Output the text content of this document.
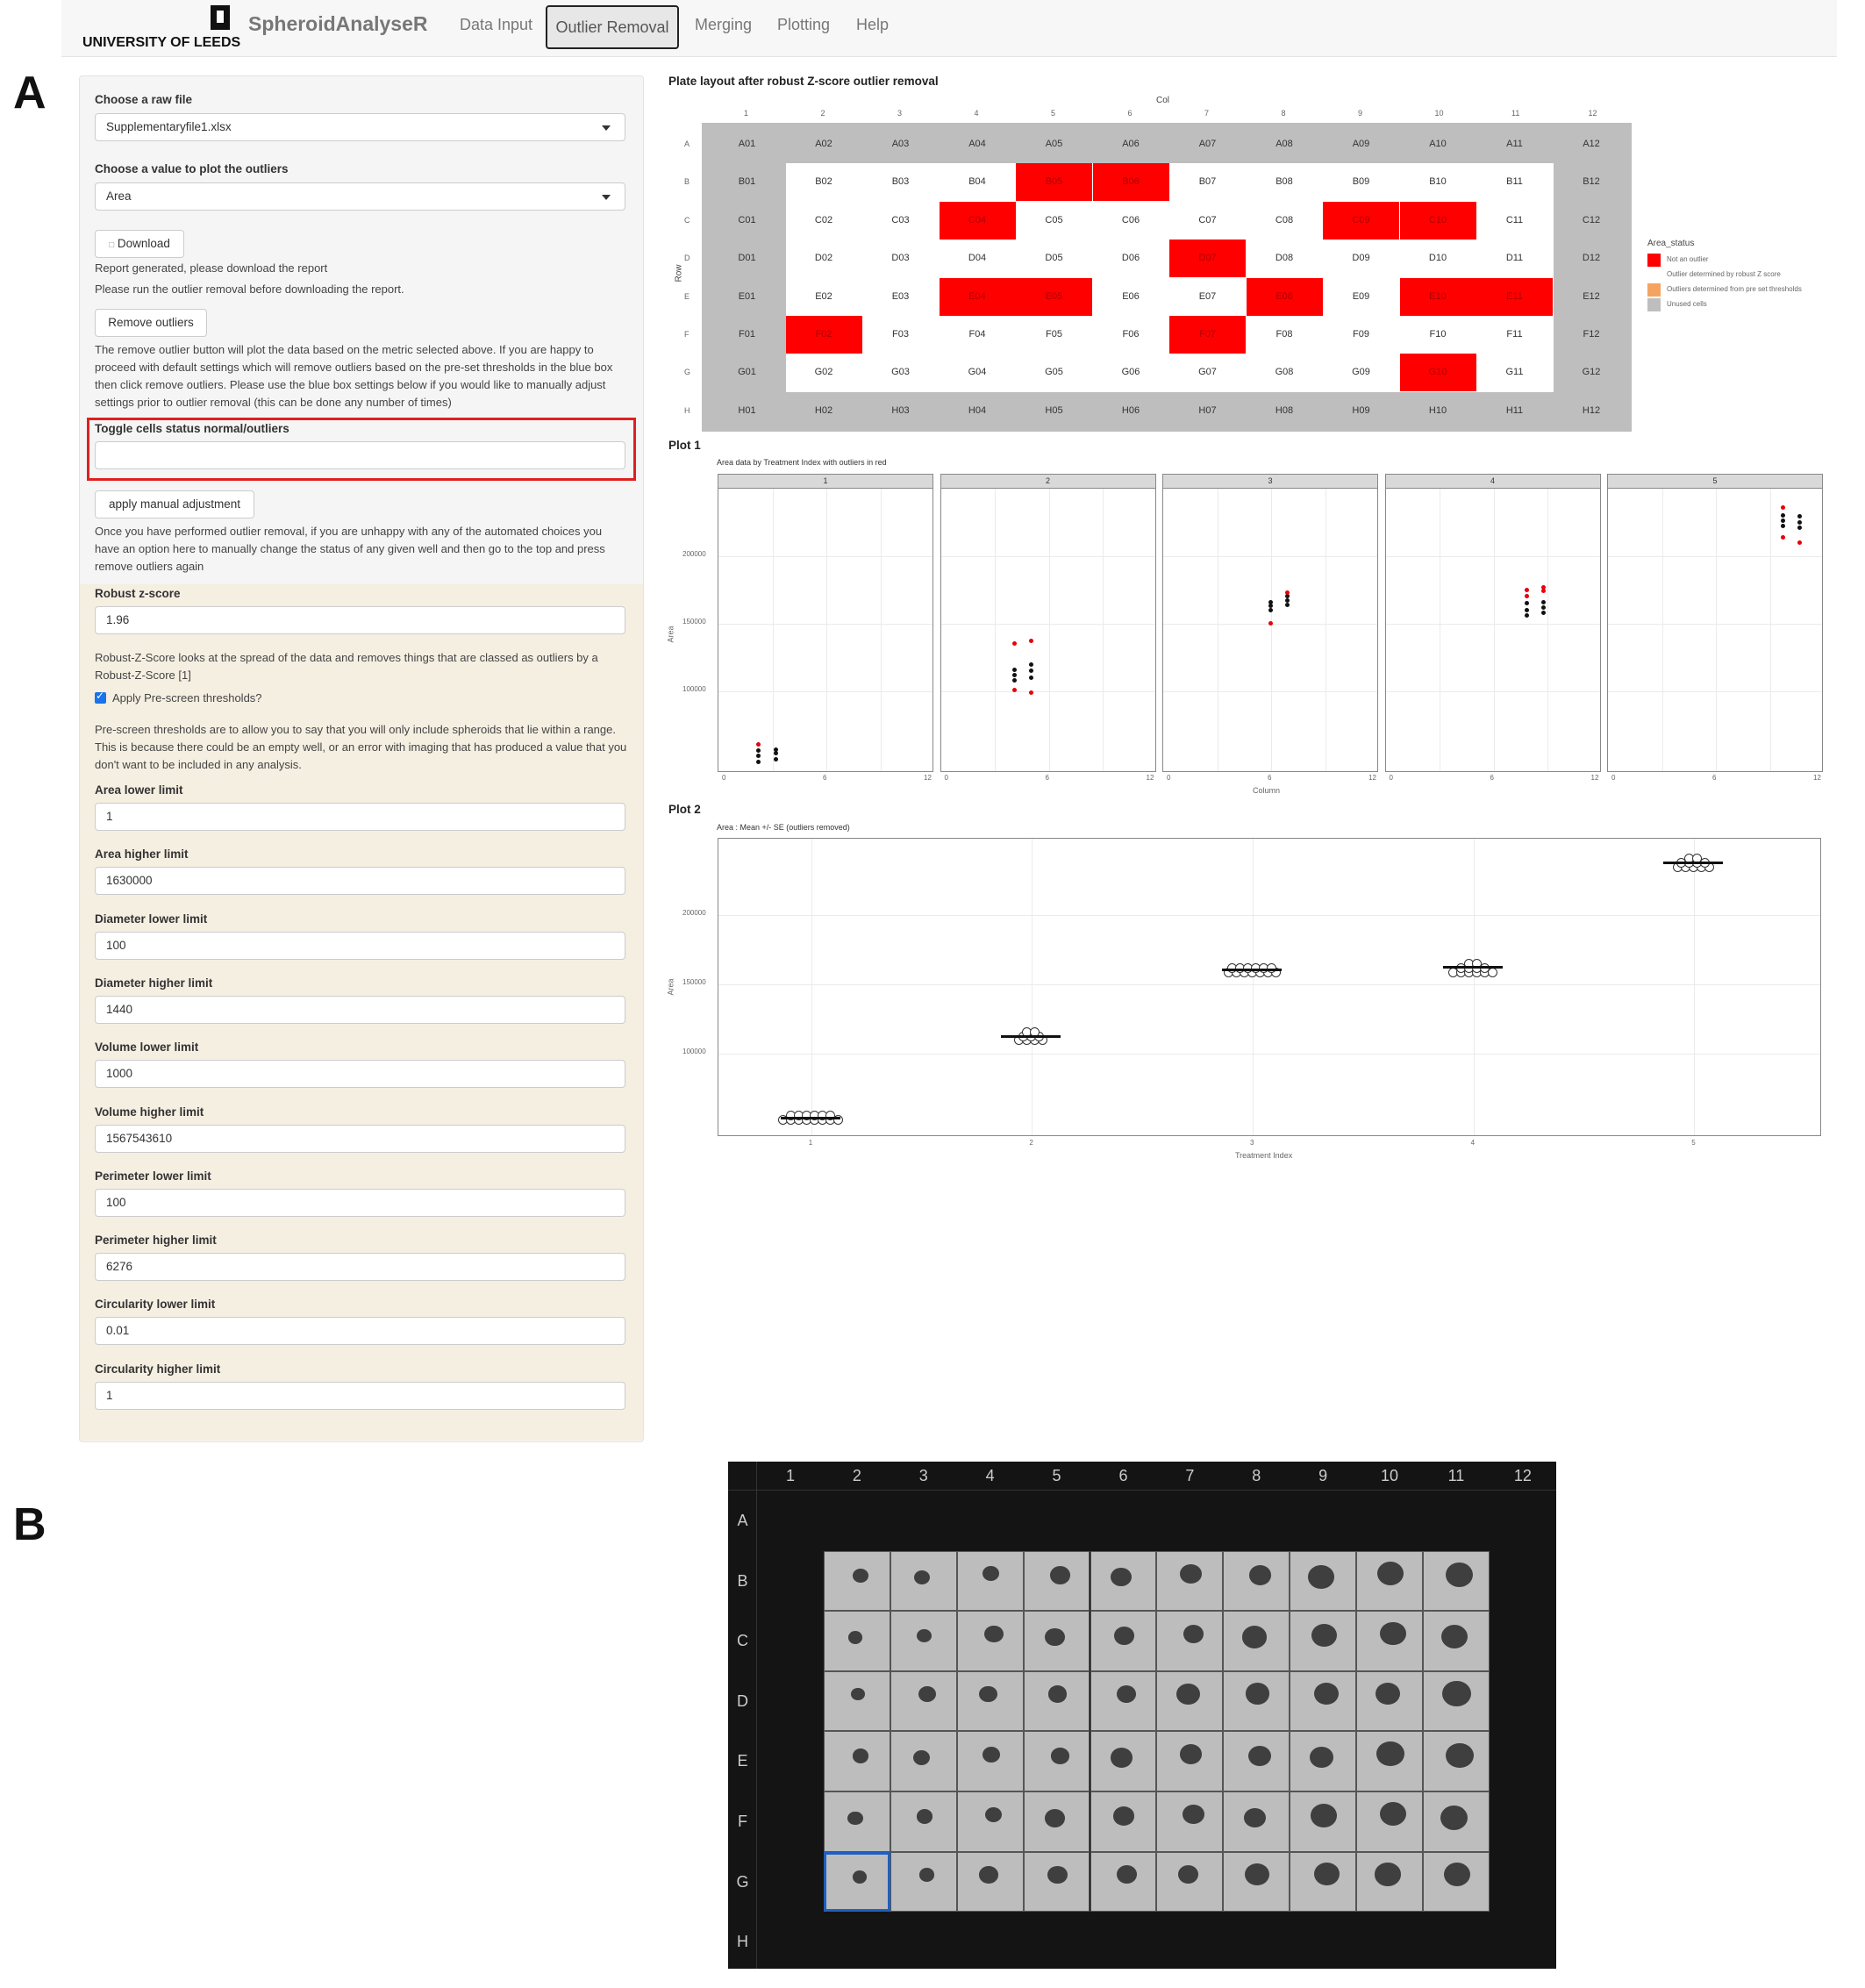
UNIVERSITY OF LEEDS
SpheroidAnalyseR Data Input	Outlier Removal	Merging Plotting Help
A
B
Choose a raw file
Supplementaryfile1.xlsx
Choose a value to plot the outliers
Area
□ Download
Report generated, please download the report
Please run the outlier removal before downloading the report.
Remove outliers
The remove outlier button will plot the data based on the metric selected above. If you are happy to proceed with default settings which will remove outliers based on the pre-set thresholds in the blue box then click remove outliers. Please use the blue box settings below if you would like to manually adjust settings prior to outlier removal (this can be done any number of times)
Toggle cells status normal/outliers
apply manual adjustment
Once you have performed outlier removal, if you are unhappy with any of the automated choices you have an option here to manually change the status of any given well and then go to the top and press remove outliers again
Robust z-score
1.96
Robust-Z-Score looks at the spread of the data and removes things that are classed as outliers by a Robust-Z-Score [1]
✓ Apply Pre-screen thresholds?
Pre-screen thresholds are to allow you to say that you will only include spheroids that lie within a range. This is because there could be an empty well, or an error with imaging that has produced a value that you don't want to be included in any analysis.
Plate layout after robust Z-score outlier removal
Col
Row
A01	A02	A03	A04	A05	A06	A07	A08	A09	A10	A11	A12
B01	B02	B03	B04	B05	B06	B07	B08	B09	B10	B11	B12
C01	C02	C03	C04	C05	C06	C07	C08	C09	C10	C11	C12
D01	D02	D03	D04	D05	D06	D07	D08	D09	D10	D11	D12
E01	E02	E03	E04	E05	E06	E07	E08	E09	E10	E11	E12
F01	F02	F03	F04	F05	F06	F07	F08	F09	F10	F11	F12
G01	G02	G03	G04	G05	G06	G07	G08	G09	G10	G11	G12
H01	H02	H03	H04	H05	H06	H07	H08	H09	H10	H11	H12
1	2	3	4	5	6	7	8	9	10	11	12
A
B
C
D
E
F
G
H
Area_status
Not an outlier
Outlier determined by robust Z score
Outliers determined from pre set thresholds
Unused cells
Plot 1
Area data by Treatment Index with outliers in red
Area
Column
100000
150000
200000
1
0	6	12
2
0	6	12
3
0	6	12
4
0	6	12
5
0	6	12
Plot 2
Area : Mean +/- SE (outliers removed)
Area
Treatment Index
100000
150000
200000
1	2	3	4	5
1	2	3	4	5	6	7	8	9	10	11	12
A
B
C
D
E
F
G
H
Area lower limit
1
Area higher limit
1630000
Diameter lower limit
100
Diameter higher limit
1440
Volume lower limit
1000
Volume higher limit
1567543610
Perimeter lower limit
100
Perimeter higher limit
6276
Circularity lower limit
0.01
Circularity higher limit
1
